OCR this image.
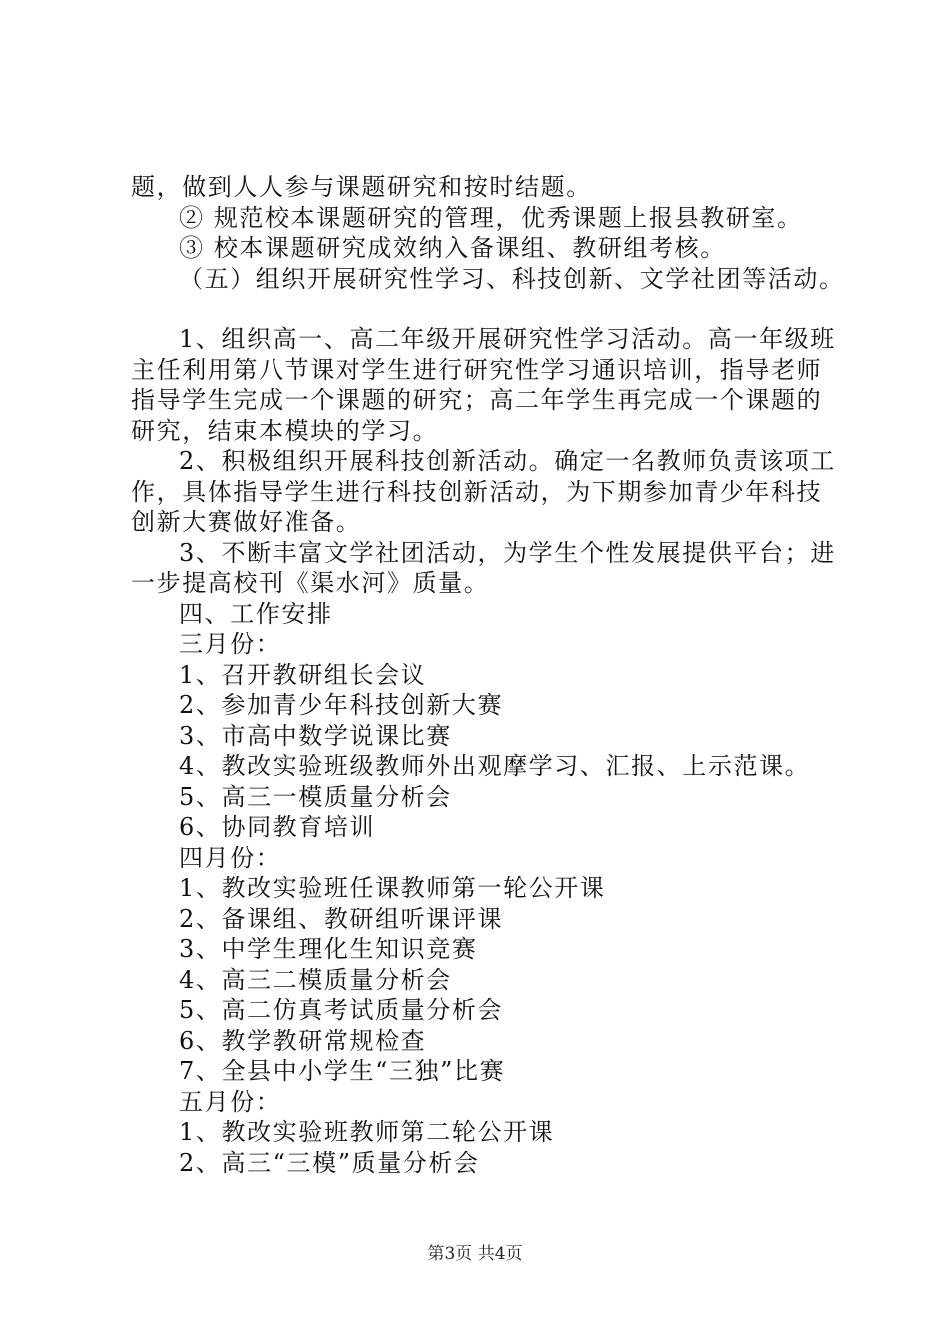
题，做到人人参与课题研究和按时结题。
② 规范校本课题研究的管理，优秀课题上报县教研室。
③ 校本课题研究成效纳入备课组、教研组考核。
（五）组织开展研究性学习、科技创新、文学社团等活动。
1、组织高一、高二年级开展研究性学习活动。高一年级班
主任利用第八节课对学生进行研究性学习通识培训，指导老师
指导学生完成一个课题的研究；高二年学生再完成一个课题的
研究，结束本模块的学习。
2、积极组织开展科技创新活动。确定一名教师负责该项工
作，具体指导学生进行科技创新活动，为下期参加青少年科技
创新大赛做好准备。
3、不断丰富文学社团活动，为学生个性发展提供平台；进
一步提高校刊《渠水河》质量。
四、工作安排
三月份：
1、召开教研组长会议
2、参加青少年科技创新大赛
3、市高中数学说课比赛
4、教改实验班级教师外出观摩学习、汇报、上示范课。
5、高三一模质量分析会
6、协同教育培训
四月份：
1、教改实验班任课教师第一轮公开课
2、备课组、教研组听课评课
3、中学生理化生知识竞赛
4、高三二模质量分析会
5、高二仿真考试质量分析会
6、教学教研常规检查
7、全县中小学生“三独”比赛
五月份：
1、教改实验班教师第二轮公开课
2、高三“三模”质量分析会
第3页 共4页
